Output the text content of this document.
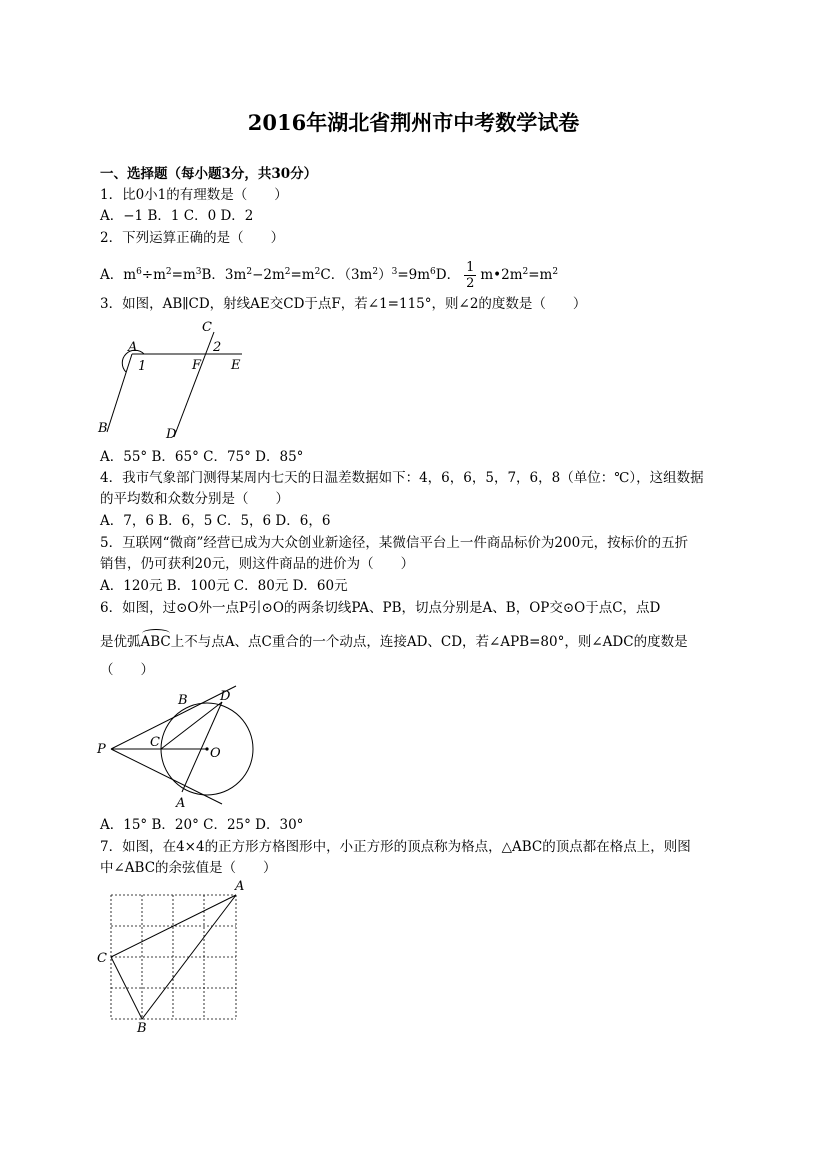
2016年湖北省荆州市中考数学试卷
一、选择题（每小题3分，共30分）
1．比0小1的有理数是（　　）
A．−1 B．1 C．0 D．2
2．下列运算正确的是（　　）
A．$m^6\div m^2=m^3B$．$3m^2-2m^2=m^2C$．$(3m^2)^3=9m^6D$． $\frac{1}{2}$ $m•2m^2=m^2$
3．如图，AB∥CD，射线AE交CD于点F，若∠1=115°，则∠2的度数是（　　）
A
C
2
1	F E
B	D
A．55° B．65° C．75° D．85°
4．我市气象部门测得某周内七天的日温差数据如下：4，6，6，5，7，6，8（单位：℃），这组数据
的平均数和众数分别是（　　）
A．7，6 B．6，5 C．5，6 D．6，6
5．互联网“微商”经营已成为大众创业新途径，某微信平台上一件商品标价为200元，按标价的五折
销售，仍可获利20元，则这件商品的进价为（　　）
A．120元 B．100元 C．80元 D．60元
6．如图，过⊙O外一点P引⊙O的两条切线PA、PB，切点分别是A、B，OP交⊙O于点C，点D
是优弧ABC上不与点A、点C重合的一个动点，连接AD、CD，若∠APB=80°，则∠ADC的度数是
（　　）
P
B D
C
O
A
A．15° B．20° C．25° D．30°
7．如图，在4×4的正方形方格图形中，小正方形的顶点称为格点，△ABC的顶点都在格点上，则图
中∠ABC的余弦值是（　　）
A
C
B
